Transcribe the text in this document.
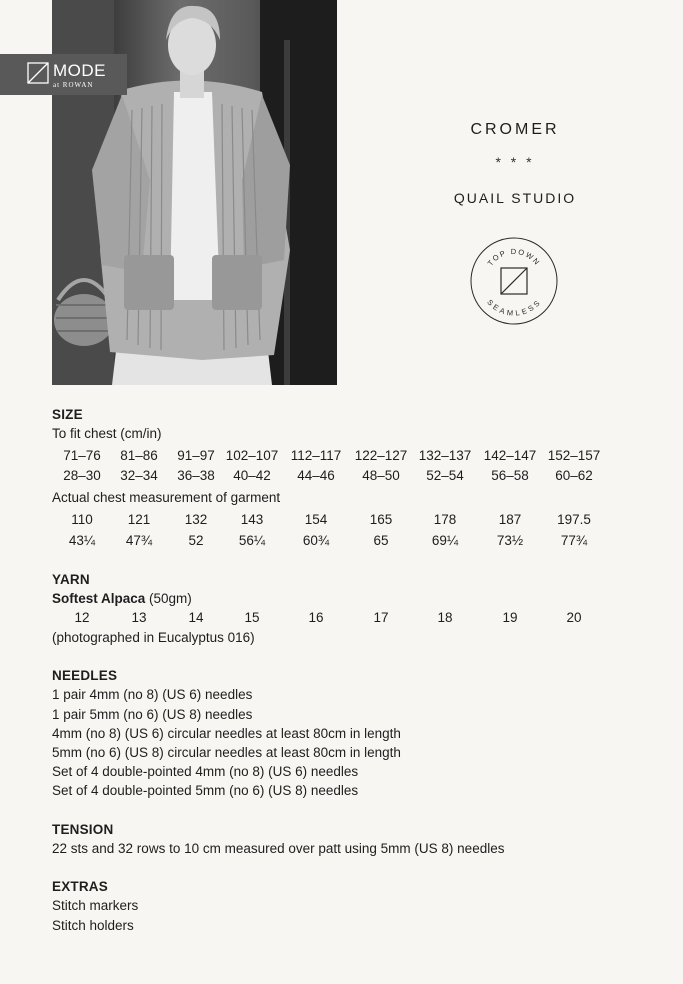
MODE
at ROWAN
CROMER
* * *
QUAIL STUDIO
TOP DOWN
SEAMLESS
SIZE
To fit chest (cm/in)
71–76 81–86 91–97 102–107 112–117 122–127 132–137 142–147 152–157
28–30 32–34 36–38 40–42 44–46 48–50 52–54 56–58 60–62
Actual chest measurement of garment
110	121	132 143	154	165	178	187	197.5
43¼ 47¾	52	56¼	60¾	65	69¼	73½	77¾
YARN
Softest Alpaca (50gm)
12	13	14	15	16	17	18	19	20
(photographed in Eucalyptus 016)
NEEDLES
1 pair 4mm (no 8) (US 6) needles
1 pair 5mm (no 6) (US 8) needles
4mm (no 8) (US 6) circular needles at least 80cm in length
5mm (no 6) (US 8) circular needles at least 80cm in length
Set of 4 double-pointed 4mm (no 8) (US 6) needles
Set of 4 double-pointed 5mm (no 6) (US 8) needles
TENSION
22 sts and 32 rows to 10 cm measured over patt using 5mm (US 8) needles
EXTRAS
Stitch markers
Stitch holders
